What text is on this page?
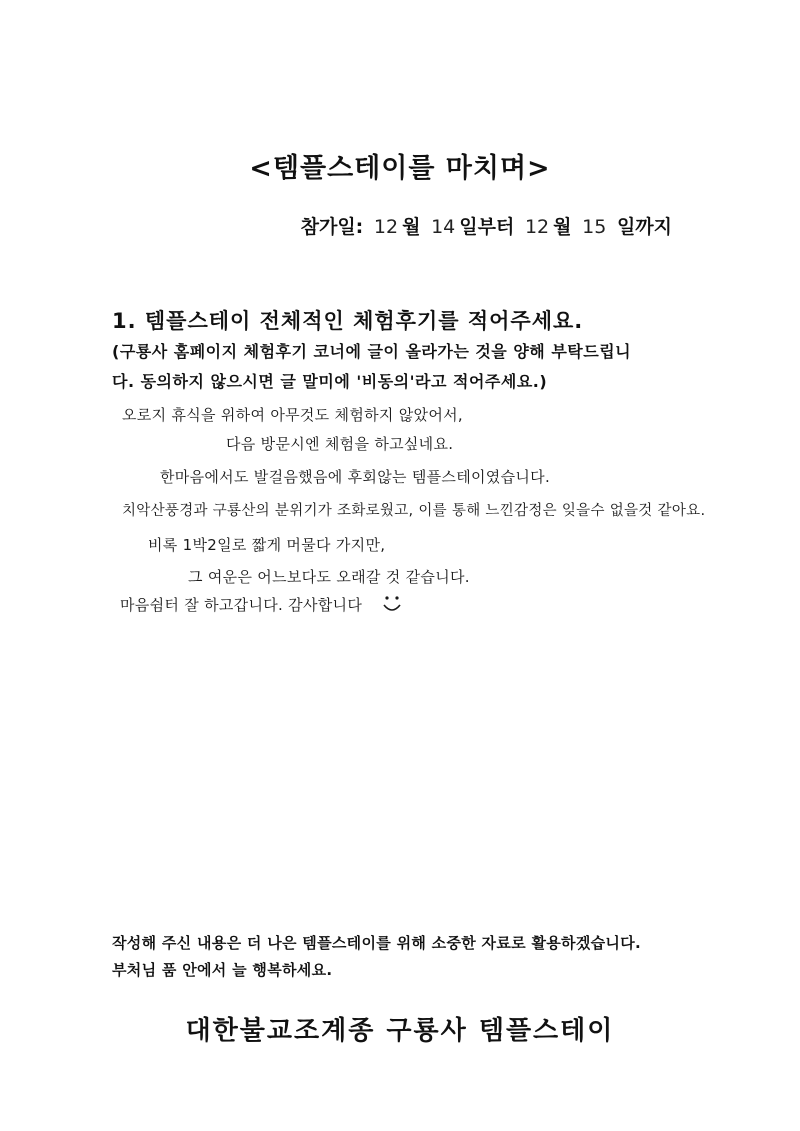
<템플스테이를 마치며>
참가일: 12 월 14 일부터 12 월 15 일까지
1. 템플스테이 전체적인 체험후기를 적어주세요.
(구룡사 홈페이지 체험후기 코너에 글이 올라가는 것을 양해 부탁드립니
다. 동의하지 않으시면 글 말미에 '비동의'라고 적어주세요.)
오로지 휴식을 위하여 아무것도 체험하지 않았어서,
다음 방문시엔 체험을 하고싶네요.
한마음에서도 발걸음했음에 후회않는 템플스테이였습니다.
치악산풍경과 구룡산의 분위기가 조화로웠고, 이를 통해 느낀감정은 잊을수 없을것 같아요.
비록 1박2일로 짧게 머물다 가지만,
그 여운은 어느보다도 오래갈 것 같습니다.
마음쉼터 잘 하고갑니다. 감사합니다
작성해 주신 내용은 더 나은 템플스테이를 위해 소중한 자료로 활용하겠습니다.
부처님 품 안에서 늘 행복하세요.
대한불교조계종 구룡사 템플스테이
